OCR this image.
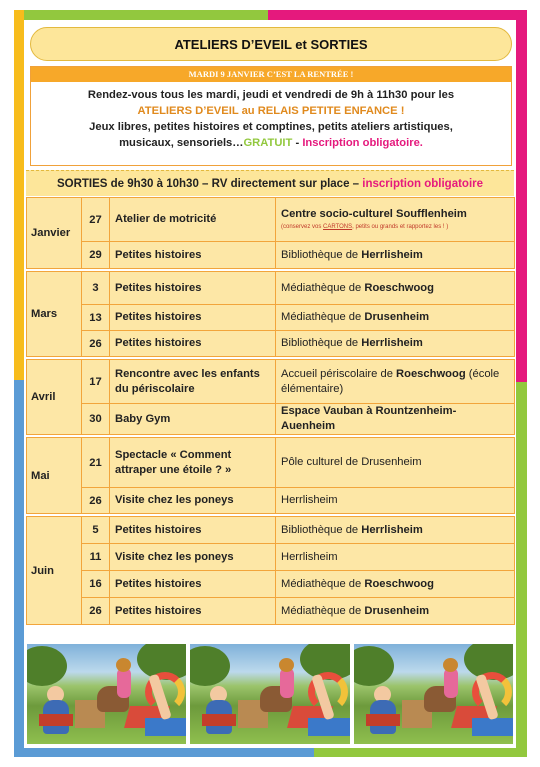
ATELIERS D’EVEIL et SORTIES
MARDI 9 JANVIER C’EST LA RENTRÉE !
Rendez-vous tous les mardi, jeudi et vendredi de 9h à 11h30 pour les
ATELIERS D’EVEIL au RELAIS PETITE ENFANCE !
Jeux libres, petites histoires et comptines, petits ateliers artistiques,
musicaux, sensoriels…GRATUIT - Inscription obligatoire.
SORTIES de 9h30 à 10h30 – RV directement sur place – inscription obligatoire
Janvier	27	Atelier de motricité	Centre socio-culturel Soufflenheim
(conservez vos CARTONS, petits ou grands et rapportez les ! )

	29	Petites histoires	Bibliothèque de Herrlisheim

Mars	3	Petites histoires	Médiathèque de Roeschwoog
	13	Petites histoires	Médiathèque de Drusenheim
	26	Petites histoires	Bibliothèque de Herrlisheim

Avril	17	Rencontre avec les enfants du périscolaire	Accueil périscolaire de Roeschwoog (école élémentaire)
	30	Baby Gym	Espace Vauban à Rountzenheim-Auenheim

Mai	21	Spectacle « Comment attraper une étoile ? »	Pôle culturel de Drusenheim
	26	Visite chez les poneys	Herrlisheim

Juin	5	Petites histoires	Bibliothèque de Herrlisheim
	11	Visite chez les poneys	Herrlisheim
	16	Petites histoires	Médiathèque de Roeschwoog
	26	Petites histoires	Médiathèque de Drusenheim
